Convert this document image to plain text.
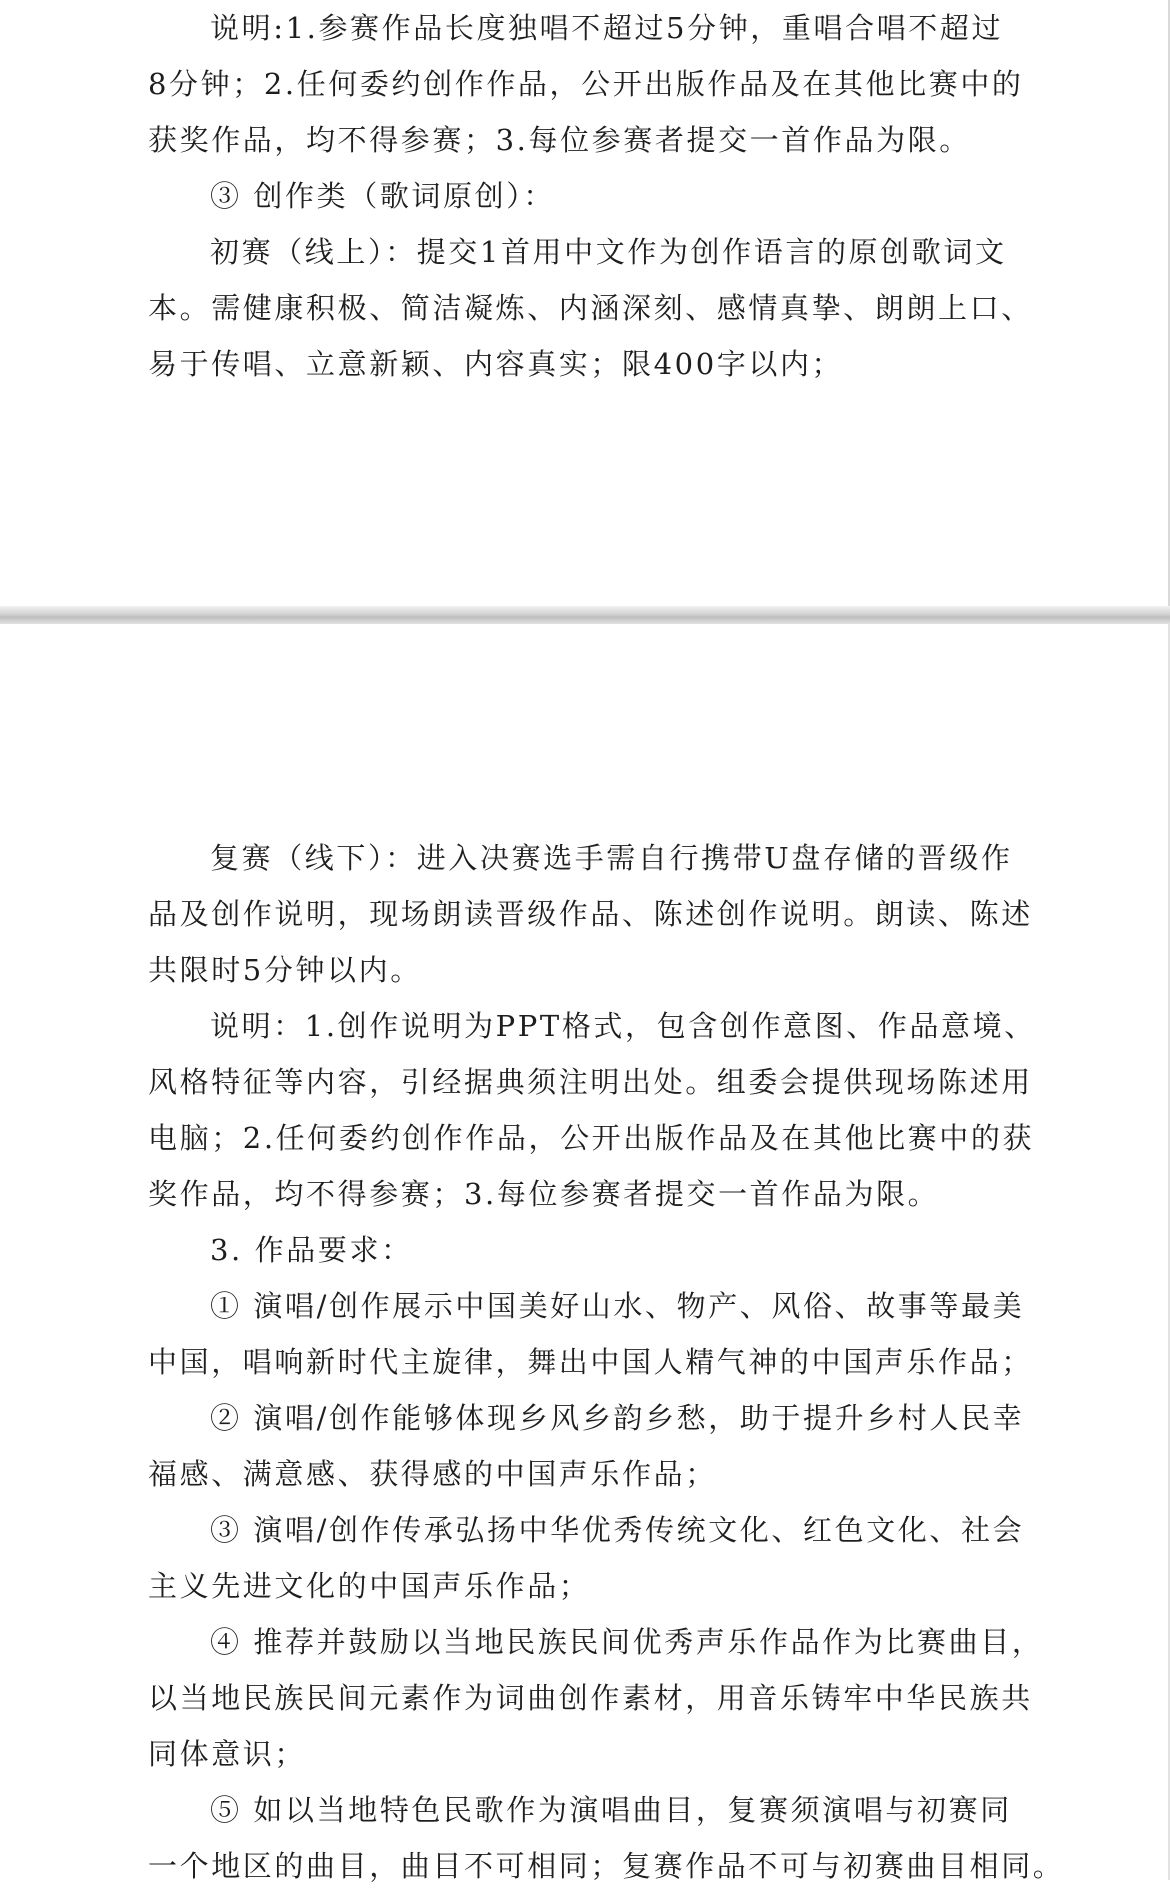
说明:1.参赛作品长度独唱不超过5分钟，重唱合唱不超过
8分钟；2.任何委约创作作品，公开出版作品及在其他比赛中的
获奖作品，均不得参赛；3.每位参赛者提交一首作品为限。
③ 创作类（歌词原创）：
初赛（线上）：提交1首用中文作为创作语言的原创歌词文
本。需健康积极、简洁凝炼、内涵深刻、感情真挚、朗朗上口、
易于传唱、立意新颖、内容真实；限400字以内；
复赛（线下）：进入决赛选手需自行携带U盘存储的晋级作
品及创作说明，现场朗读晋级作品、陈述创作说明。朗读、陈述
共限时5分钟以内。
说明：1.创作说明为PPT格式，包含创作意图、作品意境、
风格特征等内容，引经据典须注明出处。组委会提供现场陈述用
电脑；2.任何委约创作作品，公开出版作品及在其他比赛中的获
奖作品，均不得参赛；3.每位参赛者提交一首作品为限。
3. 作品要求：
① 演唱/创作展示中国美好山水、物产、风俗、故事等最美
中国，唱响新时代主旋律，舞出中国人精气神的中国声乐作品；
② 演唱/创作能够体现乡风乡韵乡愁，助于提升乡村人民幸
福感、满意感、获得感的中国声乐作品；
③ 演唱/创作传承弘扬中华优秀传统文化、红色文化、社会
主义先进文化的中国声乐作品；
④ 推荐并鼓励以当地民族民间优秀声乐作品作为比赛曲目，
以当地民族民间元素作为词曲创作素材，用音乐铸牢中华民族共
同体意识；
⑤ 如以当地特色民歌作为演唱曲目，复赛须演唱与初赛同
一个地区的曲目，曲目不可相同；复赛作品不可与初赛曲目相同。
